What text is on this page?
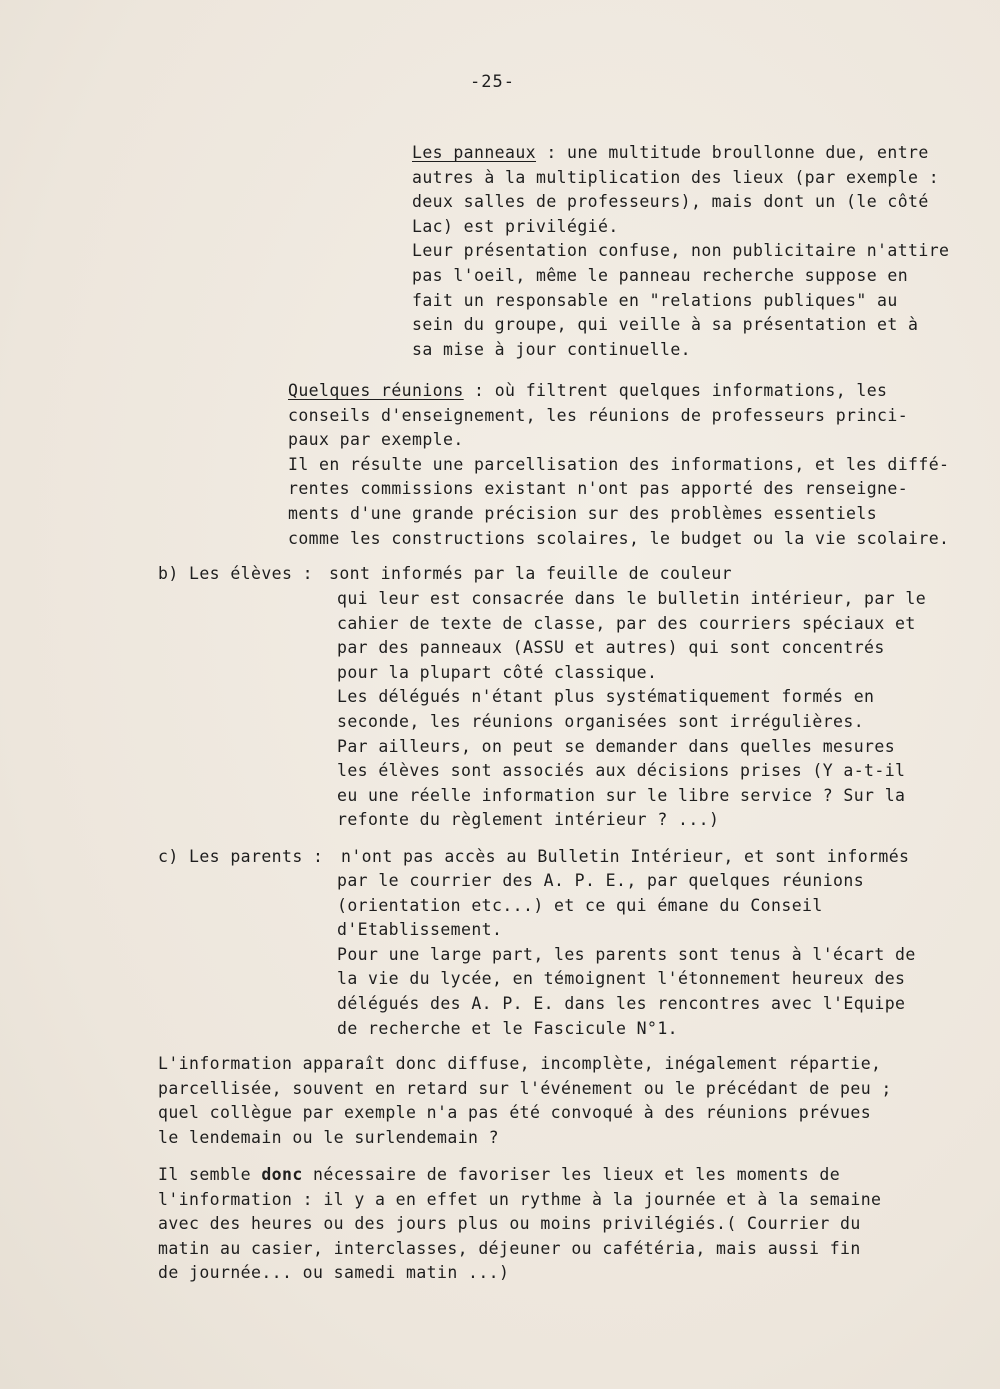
-25-
Les panneaux : une multitude broullonne due, entre
autres à la multiplication des lieux (par exemple :
deux salles de professeurs), mais dont un (le côté
Lac) est privilégié.
Leur présentation confuse, non publicitaire n'attire
pas l'oeil, même le panneau recherche suppose en
fait un responsable en "relations publiques" au
sein du groupe, qui veille à sa présentation et à
sa mise à jour continuelle.
Quelques réunions : où filtrent quelques informations, les
conseils d'enseignement, les réunions de professeurs princi-
paux par exemple.
Il en résulte une parcellisation des informations, et les diffé-
rentes commissions existant n'ont pas apporté des renseigne-
ments d'une grande précision sur des problèmes essentiels
comme les constructions scolaires, le budget ou la vie scolaire.
b) Les élèves : sont informés par la feuille de couleur
qui leur est consacrée dans le bulletin intérieur, par le
cahier de texte de classe, par des courriers spéciaux et
par des panneaux (ASSU et autres) qui sont concentrés
pour la plupart côté classique.
Les délégués n'étant plus systématiquement formés en
seconde, les réunions organisées sont irrégulières.
Par ailleurs, on peut se demander dans quelles mesures
les élèves sont associés aux décisions prises (Y a-t-il
eu une réelle information sur le libre service ? Sur la
refonte du règlement intérieur ? ...)
c) Les parents : n'ont pas accès au Bulletin Intérieur, et sont informés
par le courrier des A. P. E., par quelques réunions
(orientation etc...) et ce qui émane du Conseil
d'Etablissement.
Pour une large part, les parents sont tenus à l'écart de
la vie du lycée, en témoignent l'étonnement heureux des
délégués des A. P. E. dans les rencontres avec l'Equipe
de recherche et le Fascicule N°1.
L'information apparaît donc diffuse, incomplète, inégalement répartie,
parcellisée, souvent en retard sur l'événement ou le précédant de peu ;
quel collègue par exemple n'a pas été convoqué à des réunions prévues
le lendemain ou le surlendemain ?
Il semble donc nécessaire de favoriser les lieux et les moments de
l'information : il y a en effet un rythme à la journée et à la semaine
avec des heures ou des jours plus ou moins privilégiés.( Courrier du
matin au casier, interclasses, déjeuner ou cafétéria, mais aussi fin
de journée... ou samedi matin ...)
